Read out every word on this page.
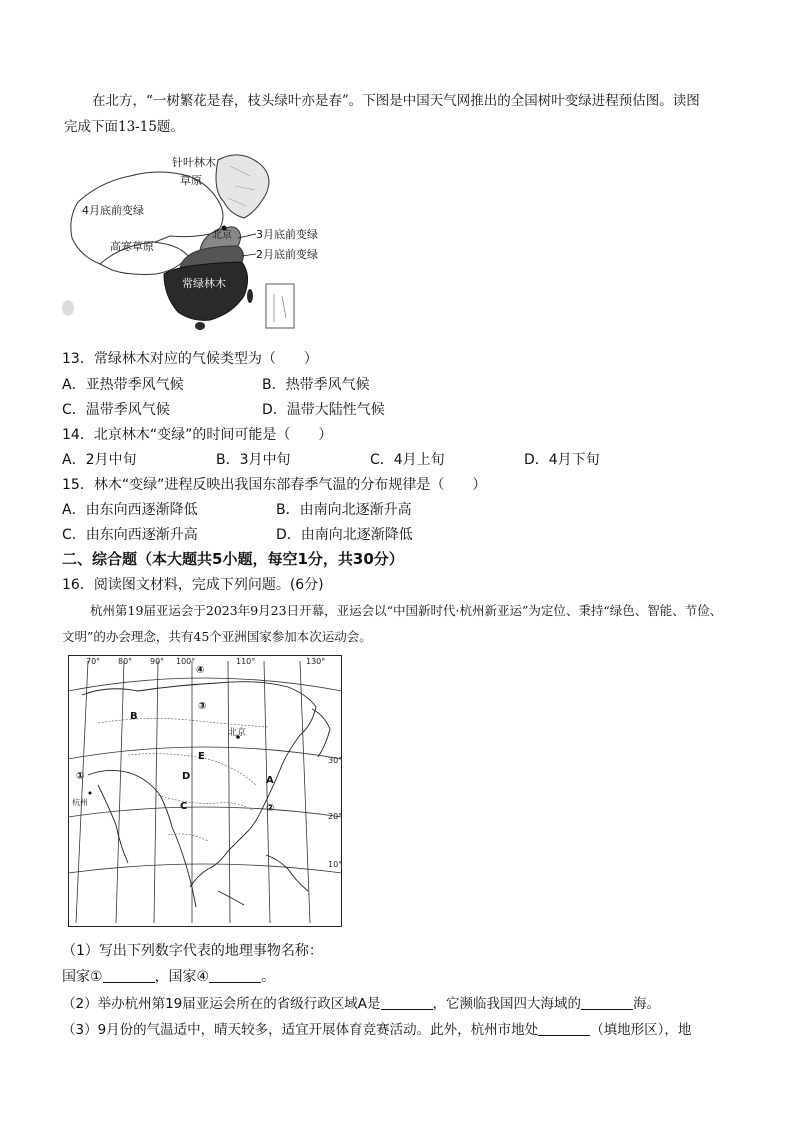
在北方，“一树繁花是春，枝头绿叶亦是春”。下图是中国天气网推出的全国树叶变绿进程预估图。读图
完成下面13-15题。
针叶林木
草原
4月底前变绿
高寒草原
北京 3月底前变绿
2月底前变绿
常绿林木
13．常绿林木对应的气候类型为（　　）
A．亚热带季风气候	B．热带季风气候
C．温带季风气候	D．温带大陆性气候
14．北京林木“变绿”的时间可能是（　　）
A．2月中旬	B．3月中旬	C．4月上旬	D．4月下旬
15．林木“变绿”进程反映出我国东部春季气温的分布规律是（　　）
A．由东向西逐渐降低	B．由南向北逐渐升高
C．由东向西逐渐升高	D．由南向北逐渐降低
二、综合题（本大题共5小题，每空1分，共30分）
16．阅读图文材料，完成下列问题。(6分)
杭州第19届亚运会于2023年9月23日开幕，亚运会以“中国新时代·杭州新亚运”为定位、秉持“绿色、智能、节俭、文明”的办会理念，共有45个亚洲国家参加本次运动会。
70° 80° 90° 100°	110°	130°
30°
20°
10°
①
②
③
④
A
B
C
D
E
北京
杭州
（1）写出下列数字代表的地理事物名称：
国家①	，国家④	。
（2）举办杭州第19届亚运会所在的省级行政区域A是	，它濒临我国四大海域的	海。
（3）9月份的气温适中，晴天较多，适宜开展体育竞赛活动。此外，杭州市地处	（填地形区），地
